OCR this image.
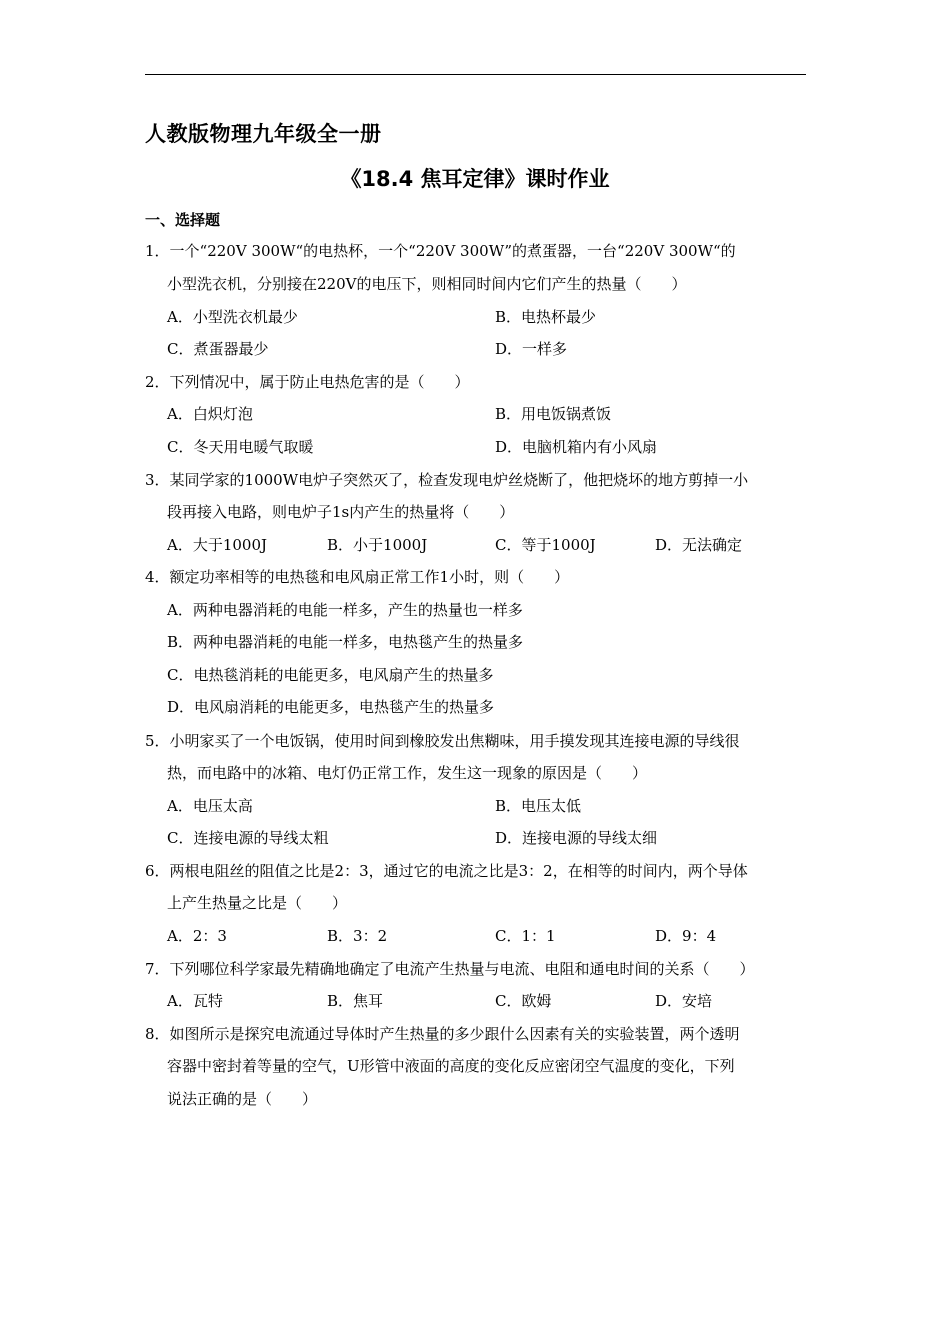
人教版物理九年级全一册
《18.4 焦耳定律》课时作业
一、选择题
1．一个“220V 300W“的电热杯，一个“220V 300W”的煮蛋器，一台“220V 300W“的
小型洗衣机，分别接在220V的电压下，则相同时间内它们产生的热量（　　）
A．小型洗衣机最少	B．电热杯最少
C．煮蛋器最少	D．一样多
2．下列情况中，属于防止电热危害的是（　　）
A．白炽灯泡	B．用电饭锅煮饭
C．冬天用电暖气取暖	D．电脑机箱内有小风扇
3．某同学家的1000W电炉子突然灭了，检查发现电炉丝烧断了，他把烧坏的地方剪掉一小
段再接入电路，则电炉子1s内产生的热量将（　　）
A．大于1000J	B．小于1000J	C．等于1000J	D．无法确定
4．额定功率相等的电热毯和电风扇正常工作1小时，则（　　）
A．两种电器消耗的电能一样多，产生的热量也一样多
B．两种电器消耗的电能一样多，电热毯产生的热量多
C．电热毯消耗的电能更多，电风扇产生的热量多
D．电风扇消耗的电能更多，电热毯产生的热量多
5．小明家买了一个电饭锅，使用时间到橡胶发出焦糊味，用手摸发现其连接电源的导线很
热，而电路中的冰箱、电灯仍正常工作，发生这一现象的原因是（　　）
A．电压太高	B．电压太低
C．连接电源的导线太粗	D．连接电源的导线太细
6．两根电阻丝的阻值之比是2：3，通过它的电流之比是3：2，在相等的时间内，两个导体
上产生热量之比是（　　）
A．2：3	B．3：2	C．1：1	D．9：4
7．下列哪位科学家最先精确地确定了电流产生热量与电流、电阻和通电时间的关系（　　）
A．瓦特	B．焦耳	C．欧姆	D．安培
8．如图所示是探究电流通过导体时产生热量的多少跟什么因素有关的实验装置，两个透明
容器中密封着等量的空气，U形管中液面的高度的变化反应密闭空气温度的变化，下列
说法正确的是（　　）
